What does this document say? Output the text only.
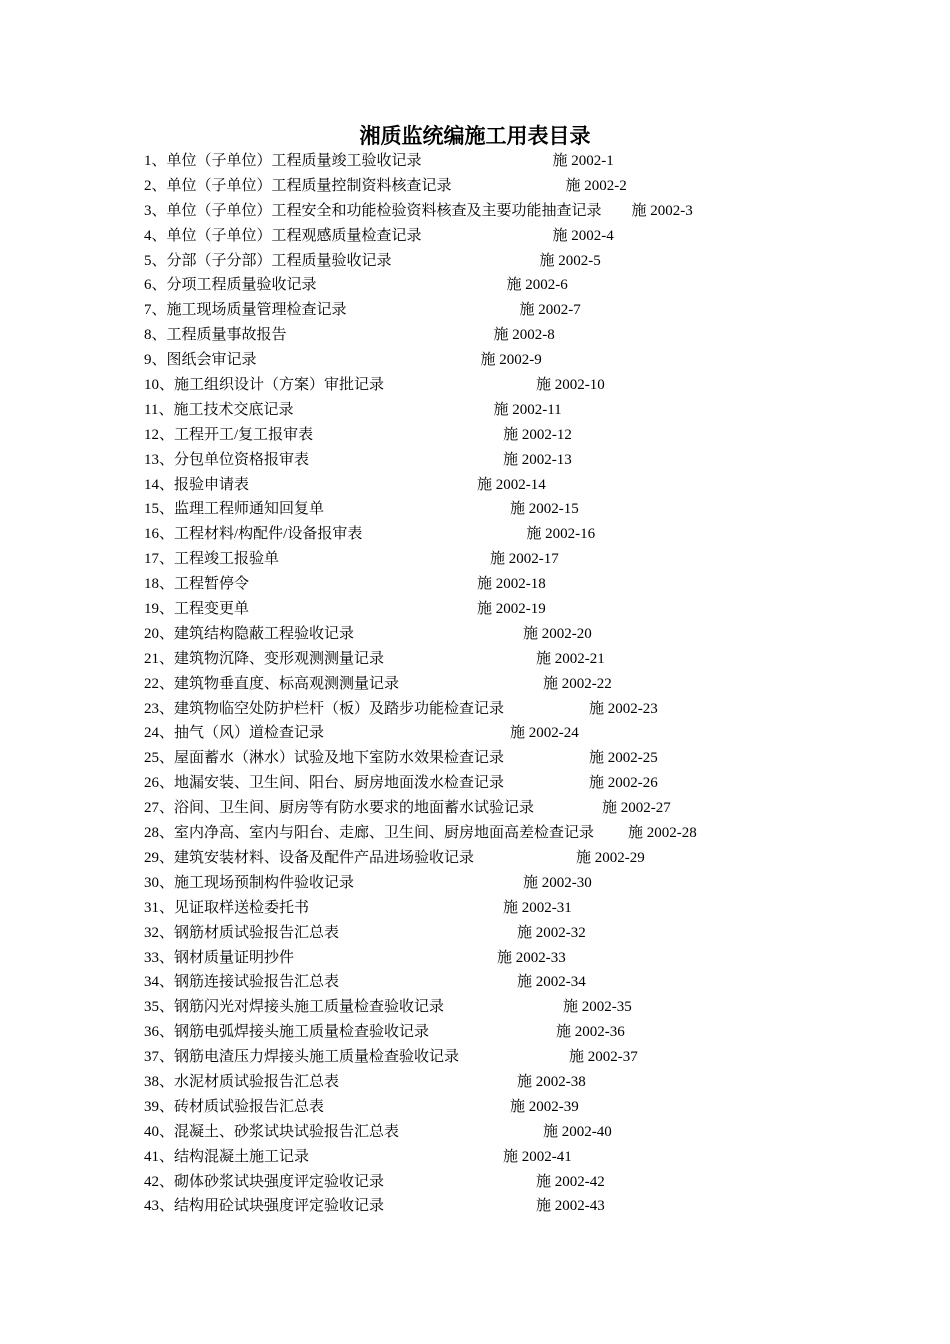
湘质监统编施工用表目录
1、单位（子单位）工程质量竣工验收记录	施 2002-1
2、单位（子单位）工程质量控制资料核查记录	施 2002-2
3、单位（子单位）工程安全和功能检验资料核查及主要功能抽查记录 施 2002-3
4、单位（子单位）工程观感质量检查记录	施 2002-4
5、分部（子分部）工程质量验收记录	施 2002-5
6、分项工程质量验收记录	施 2002-6
7、施工现场质量管理检查记录	施 2002-7
8、工程质量事故报告	施 2002-8
9、图纸会审记录	施 2002-9
10、施工组织设计（方案）审批记录	施 2002-10
11、施工技术交底记录	施 2002-11
12、工程开工/复工报审表	施 2002-12
13、分包单位资格报审表	施 2002-13
14、报验申请表	施 2002-14
15、监理工程师通知回复单	施 2002-15
16、工程材料/构配件/设备报审表	施 2002-16
17、工程竣工报验单	施 2002-17
18、工程暂停令	施 2002-18
19、工程变更单	施 2002-19
20、建筑结构隐蔽工程验收记录	施 2002-20
21、建筑物沉降、变形观测测量记录	施 2002-21
22、建筑物垂直度、标高观测测量记录	施 2002-22
23、建筑物临空处防护栏杆（板）及踏步功能检查记录	施 2002-23
24、抽气（风）道检查记录	施 2002-24
25、屋面蓄水（淋水）试验及地下室防水效果检查记录	施 2002-25
26、地漏安装、卫生间、阳台、厨房地面泼水检查记录	施 2002-26
27、浴间、卫生间、厨房等有防水要求的地面蓄水试验记录	施 2002-27
28、室内净高、室内与阳台、走廊、卫生间、厨房地面高差检查记录 施 2002-28
29、建筑安装材料、设备及配件产品进场验收记录	施 2002-29
30、施工现场预制构件验收记录	施 2002-30
31、见证取样送检委托书	施 2002-31
32、钢筋材质试验报告汇总表	施 2002-32
33、钢材质量证明抄件	施 2002-33
34、钢筋连接试验报告汇总表	施 2002-34
35、钢筋闪光对焊接头施工质量检查验收记录	施 2002-35
36、钢筋电弧焊接头施工质量检查验收记录	施 2002-36
37、钢筋电渣压力焊接头施工质量检查验收记录	施 2002-37
38、水泥材质试验报告汇总表	施 2002-38
39、砖材质试验报告汇总表	施 2002-39
40、混凝土、砂浆试块试验报告汇总表	施 2002-40
41、结构混凝土施工记录	施 2002-41
42、砌体砂浆试块强度评定验收记录	施 2002-42
43、结构用砼试块强度评定验收记录	施 2002-43
